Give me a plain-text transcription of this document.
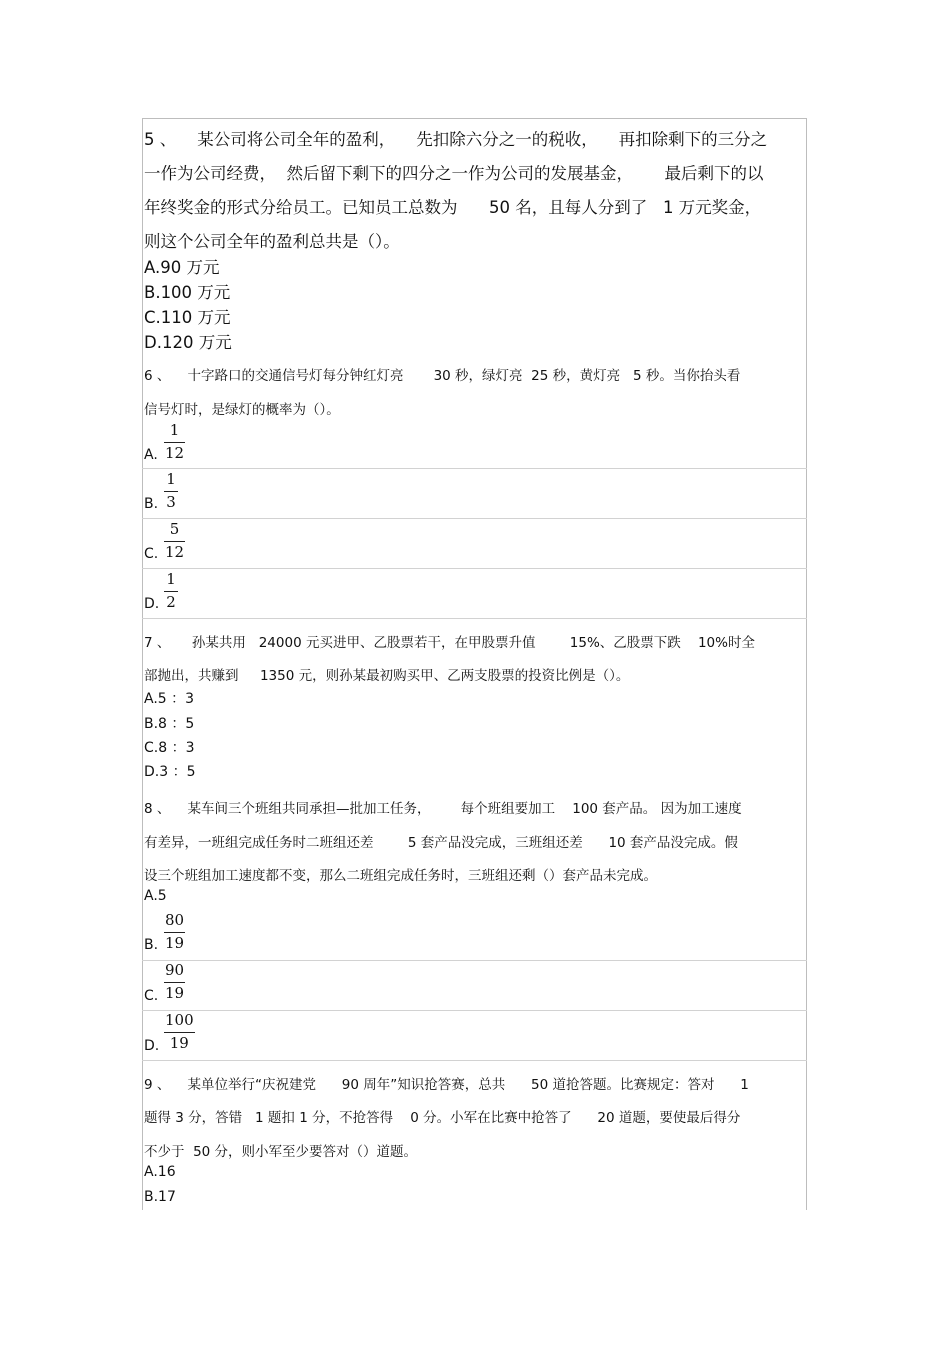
5 、    某公司将公司全年的盈利，    先扣除六分之一的税收，    再扣除剩下的三分之
一作为公司经费，  然后留下剩下的四分之一作为公司的发展基金，      最后剩下的以
年终奖金的形式分给员工。已知员工总数为      50 名，且每人分到了   1 万元奖金，
则这个公司全年的盈利总共是（）。
A.90 万元
B.100 万元
C.110 万元
D.120 万元
6 、    十字路口的交通信号灯每分钟红灯亮       30 秒，绿灯亮  25 秒，黄灯亮   5 秒。当你抬头看
信号灯时，是绿灯的概率为（）。
A.
1
12
B.
1
3
C.
5
12
D.
1
2
7 、     孙某共用   24000 元买进甲、乙股票若干，在甲股票升值        15%、乙股票下跌    10%时全
部抛出，共赚到     1350 元，则孙某最初购买甲、乙两支股票的投资比例是（）。
A.5 ：3
B.8 ：5
C.8 ：3
D.3 ：5
8 、    某车间三个班组共同承担—批加工任务，       每个班组要加工    100 套产品。 因为加工速度
有差异，一班组完成任务时二班组还差        5 套产品没完成，三班组还差      10 套产品没完成。假
设三个班组加工速度都不变，那么二班组完成任务时，三班组还剩（）套产品未完成。
A.5
B.
80
19
C.
90
19
D.
100
19
9 、    某单位举行“庆祝建党      90 周年”知识抢答赛，总共      50 道抢答题。比赛规定：答对      1
题得 3 分，答错   1 题扣 1 分，不抢答得    0 分。小军在比赛中抢答了      20 道题，要使最后得分
不少于  50 分，则小军至少要答对（）道题。
A.16
B.17
